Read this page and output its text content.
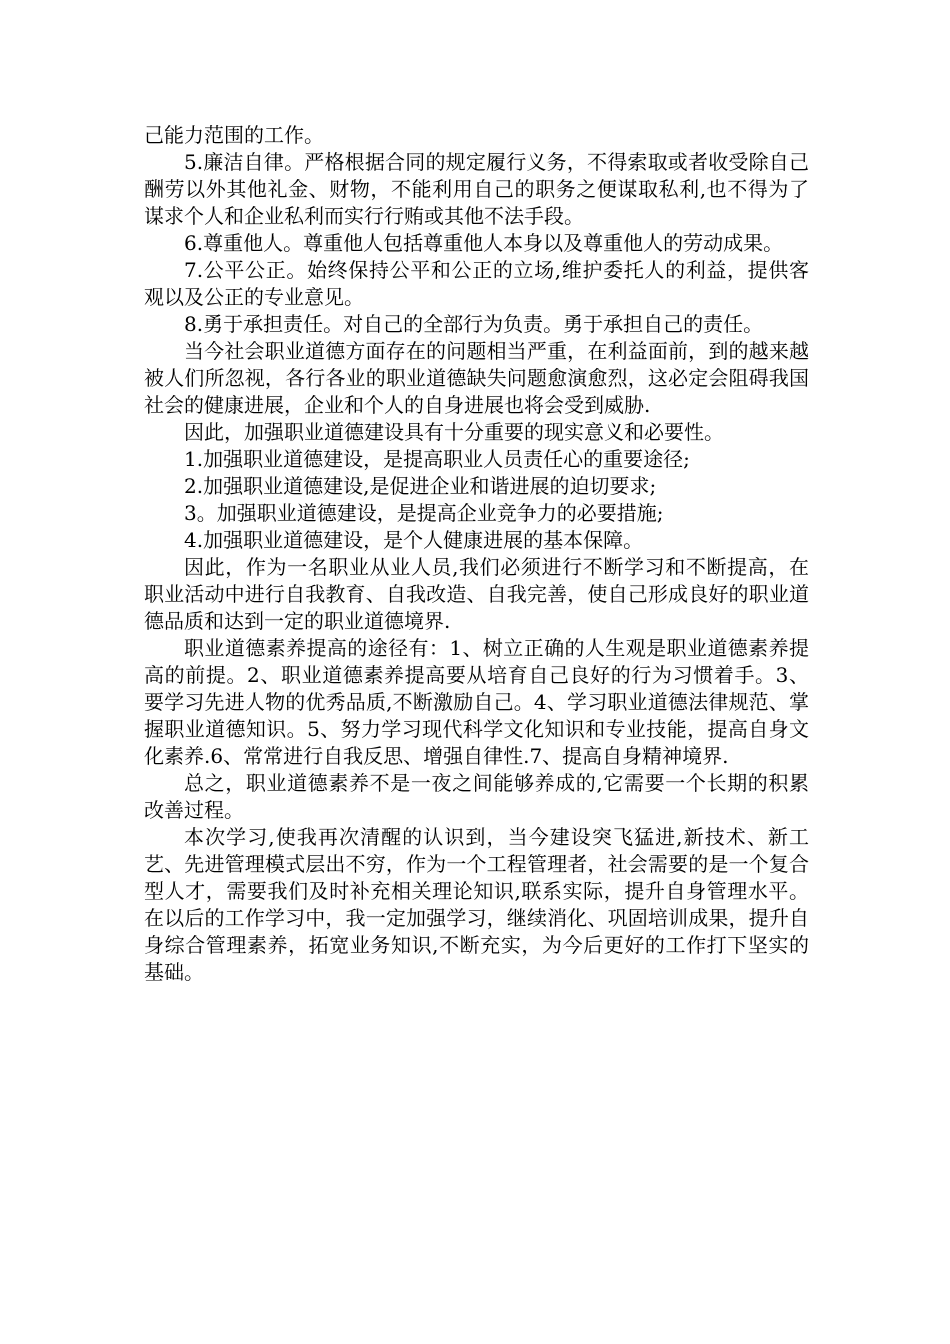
己能力范围的工作。

5.廉洁自律。严格根据合同的规定履行义务，不得索取或者收受除自己酬劳以外其他礼金、财物，不能利用自己的职务之便谋取私利,也不得为了谋求个人和企业私利而实行行贿或其他不法手段。

6.尊重他人。尊重他人包括尊重他人本身以及尊重他人的劳动成果。

7.公平公正。始终保持公平和公正的立场,维护委托人的利益，提供客观以及公正的专业意见。

8.勇于承担责任。对自己的全部行为负责。勇于承担自己的责任。

当今社会职业道德方面存在的问题相当严重，在利益面前，到的越来越被人们所忽视，各行各业的职业道德缺失问题愈演愈烈，这必定会阻碍我国社会的健康进展，企业和个人的自身进展也将会受到威胁.

因此，加强职业道德建设具有十分重要的现实意义和必要性。

1.加强职业道德建设，是提高职业人员责任心的重要途径;

2.加强职业道德建设,是促进企业和谐进展的迫切要求;

3。加强职业道德建设，是提高企业竞争力的必要措施;

4.加强职业道德建设，是个人健康进展的基本保障。

因此，作为一名职业从业人员,我们必须进行不断学习和不断提高，在职业活动中进行自我教育、自我改造、自我完善，使自己形成良好的职业道德品质和达到一定的职业道德境界.

职业道德素养提高的途径有：1、树立正确的人生观是职业道德素养提高的前提。2、职业道德素养提高要从培育自己良好的行为习惯着手。3、要学习先进人物的优秀品质,不断激励自己。4、学习职业道德法律规范、掌握职业道德知识。5、努力学习现代科学文化知识和专业技能，提高自身文化素养.6、常常进行自我反思、增强自律性.7、提高自身精神境界.

总之，职业道德素养不是一夜之间能够养成的,它需要一个长期的积累改善过程。

本次学习,使我再次清醒的认识到，当今建设突飞猛进,新技术、新工艺、先进管理模式层出不穷，作为一个工程管理者，社会需要的是一个复合型人才，需要我们及时补充相关理论知识,联系实际，提升自身管理水平。在以后的工作学习中，我一定加强学习，继续消化、巩固培训成果，提升自身综合管理素养，拓宽业务知识,不断充实，为今后更好的工作打下坚实的基础。
